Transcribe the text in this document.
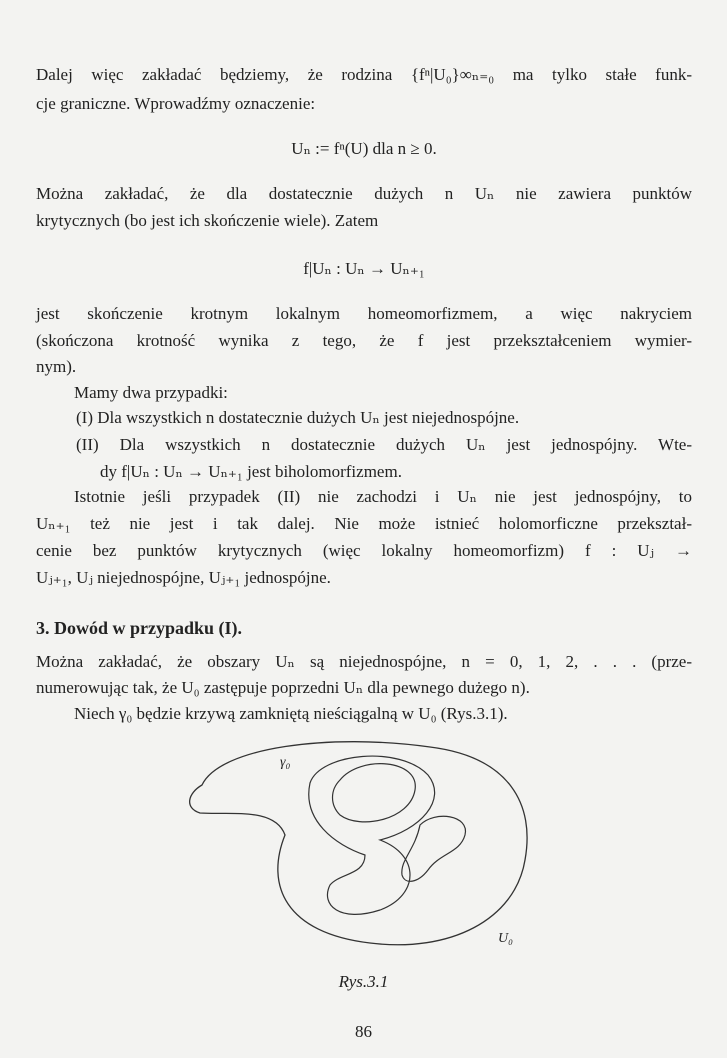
Dalej więc zakładać będziemy, że rodzina {fⁿ|U₀}∞ₙ₌₀ ma tylko stałe funk-
cje graniczne. Wprowadźmy oznaczenie:
Uₙ := fⁿ(U) dla n ≥ 0.
Można zakładać, że dla dostatecznie dużych n Uₙ nie zawiera punktów
krytycznych (bo jest ich skończenie wiele). Zatem
f|Uₙ : Uₙ → Uₙ₊₁
jest skończenie krotnym lokalnym homeomorfizmem, a więc nakryciem
(skończona krotność wynika z tego, że f jest przekształceniem wymier-
nym).
Mamy dwa przypadki:
(I) Dla wszystkich n dostatecznie dużych Uₙ jest niejednospójne.
(II) Dla wszystkich n dostatecznie dużych Uₙ jest jednospójny. Wte-
dy f|Uₙ : Uₙ → Uₙ₊₁ jest biholomorfizmem.
Istotnie jeśli przypadek (II) nie zachodzi i Uₙ nie jest jednospójny, to
Uₙ₊₁ też nie jest i tak dalej. Nie może istnieć holomorficzne przekształ-
cenie bez punktów krytycznych (więc lokalny homeomorfizm) f : Uⱼ →
Uⱼ₊₁, Uⱼ niejednospójne, Uⱼ₊₁ jednospójne.
3. Dowód w przypadku (I).
Można zakładać, że obszary Uₙ są niejednospójne, n = 0, 1, 2, . . . (prze-
numerowując tak, że U₀ zastępuje poprzedni Uₙ dla pewnego dużego n).
Niech γ₀ będzie krzywą zamkniętą nieściągalną w U₀ (Rys.3.1).
γ₀
U₀
Rys.3.1
86
